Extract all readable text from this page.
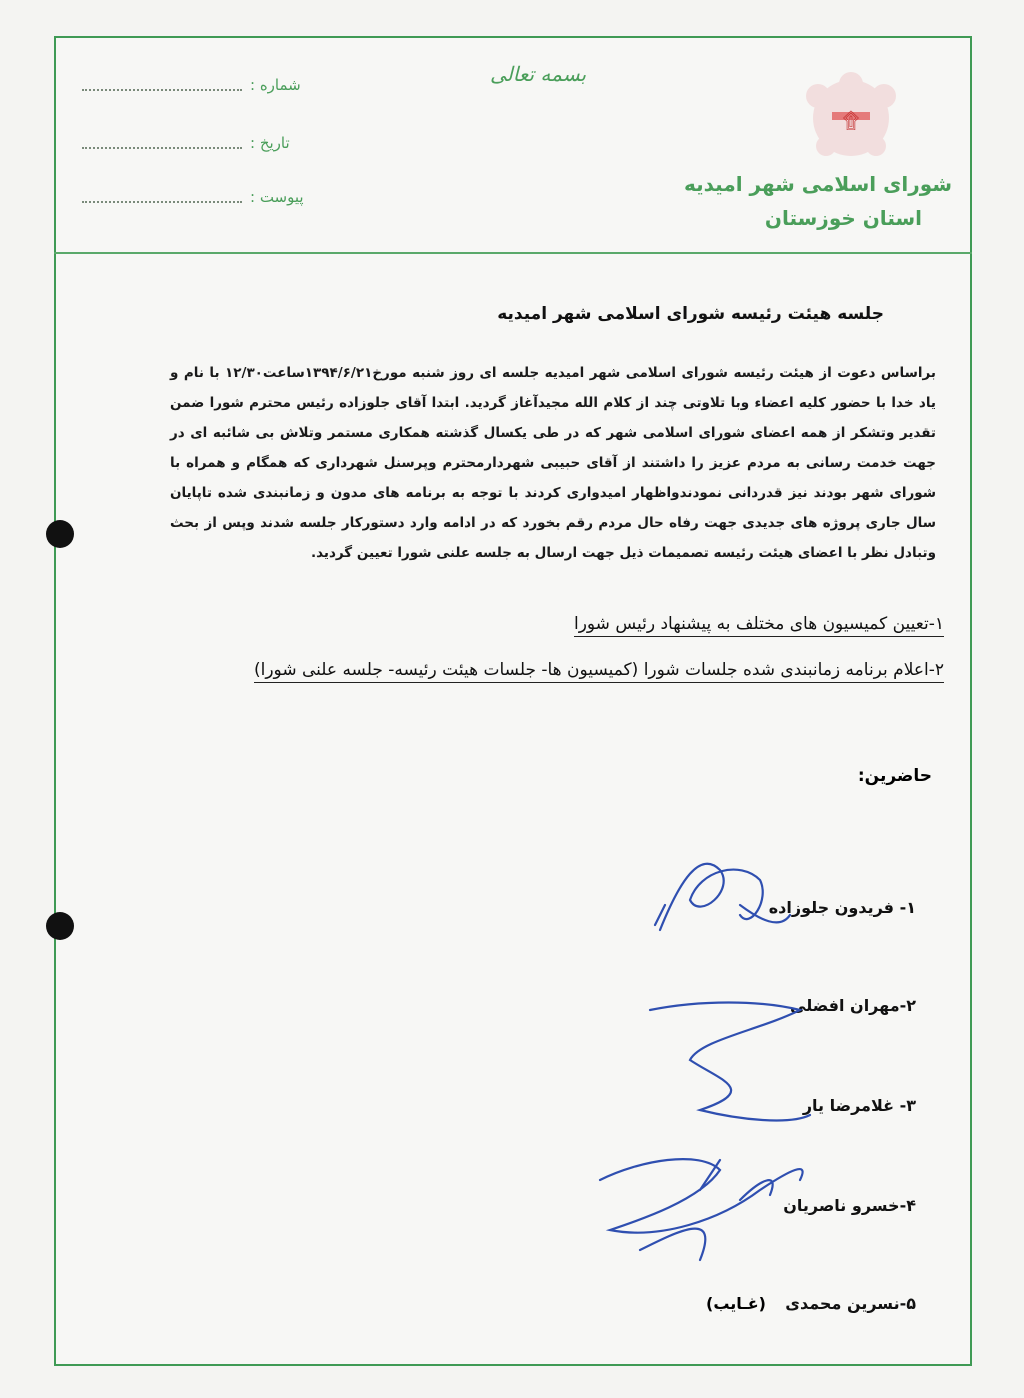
بسمه تعالی
شماره :
تاریخ :
پیوست :
۩
شورای اسلامی شهر امیدیه
استان خوزستان
جلسه هیئت رئیسه شورای اسلامی شهر امیدیه
براساس دعوت از هیئت رئیسه شورای اسلامی شهر امیدیه جلسه ای روز شنبه مورخ۱۳۹۴/۶/۲۱ساعت۱۲/۳۰ با نام و یاد خدا با حضور کلیه اعضاء وبا تلاوتی چند از کلام الله مجیدآغاز گردید. ابتدا آقای جلوزاده رئیس محترم شورا ضمن تقدیر وتشکر از همه اعضای شورای اسلامی شهر که در طی یکسال گذشته همکاری مستمر وتلاش بی شائبه ای در جهت خدمت رسانی به مردم عزیز را داشتند از آقای حبیبی شهردارمحترم وپرسنل شهرداری که همگام و همراه با شورای شهر بودند نیز قدردانی نمودندواظهار امیدواری کردند با توجه به برنامه های مدون و زمانبندی شده تاپایان سال جاری پروژه های جدیدی جهت رفاه حال مردم رقم بخورد که در ادامه وارد دستورکار جلسه شدند وپس از بحث وتبادل نظر با اعضای هیئت رئیسه تصمیمات ذیل جهت ارسال به جلسه علنی شورا تعیین گردید.
۱-تعیین کمیسیون های مختلف به پیشنهاد رئیس شورا
۲-اعلام برنامه زمانبندی شده جلسات شورا (کمیسیون ها- جلسات هیئت رئیسه- جلسه علنی شورا)
حاضرین:
۱- فریدون جلوزاده
۲-مهران افضلی
۳- غلامرضا یار
۴-خسرو ناصریان
۵-نسرین محمدی
(غـایب)
